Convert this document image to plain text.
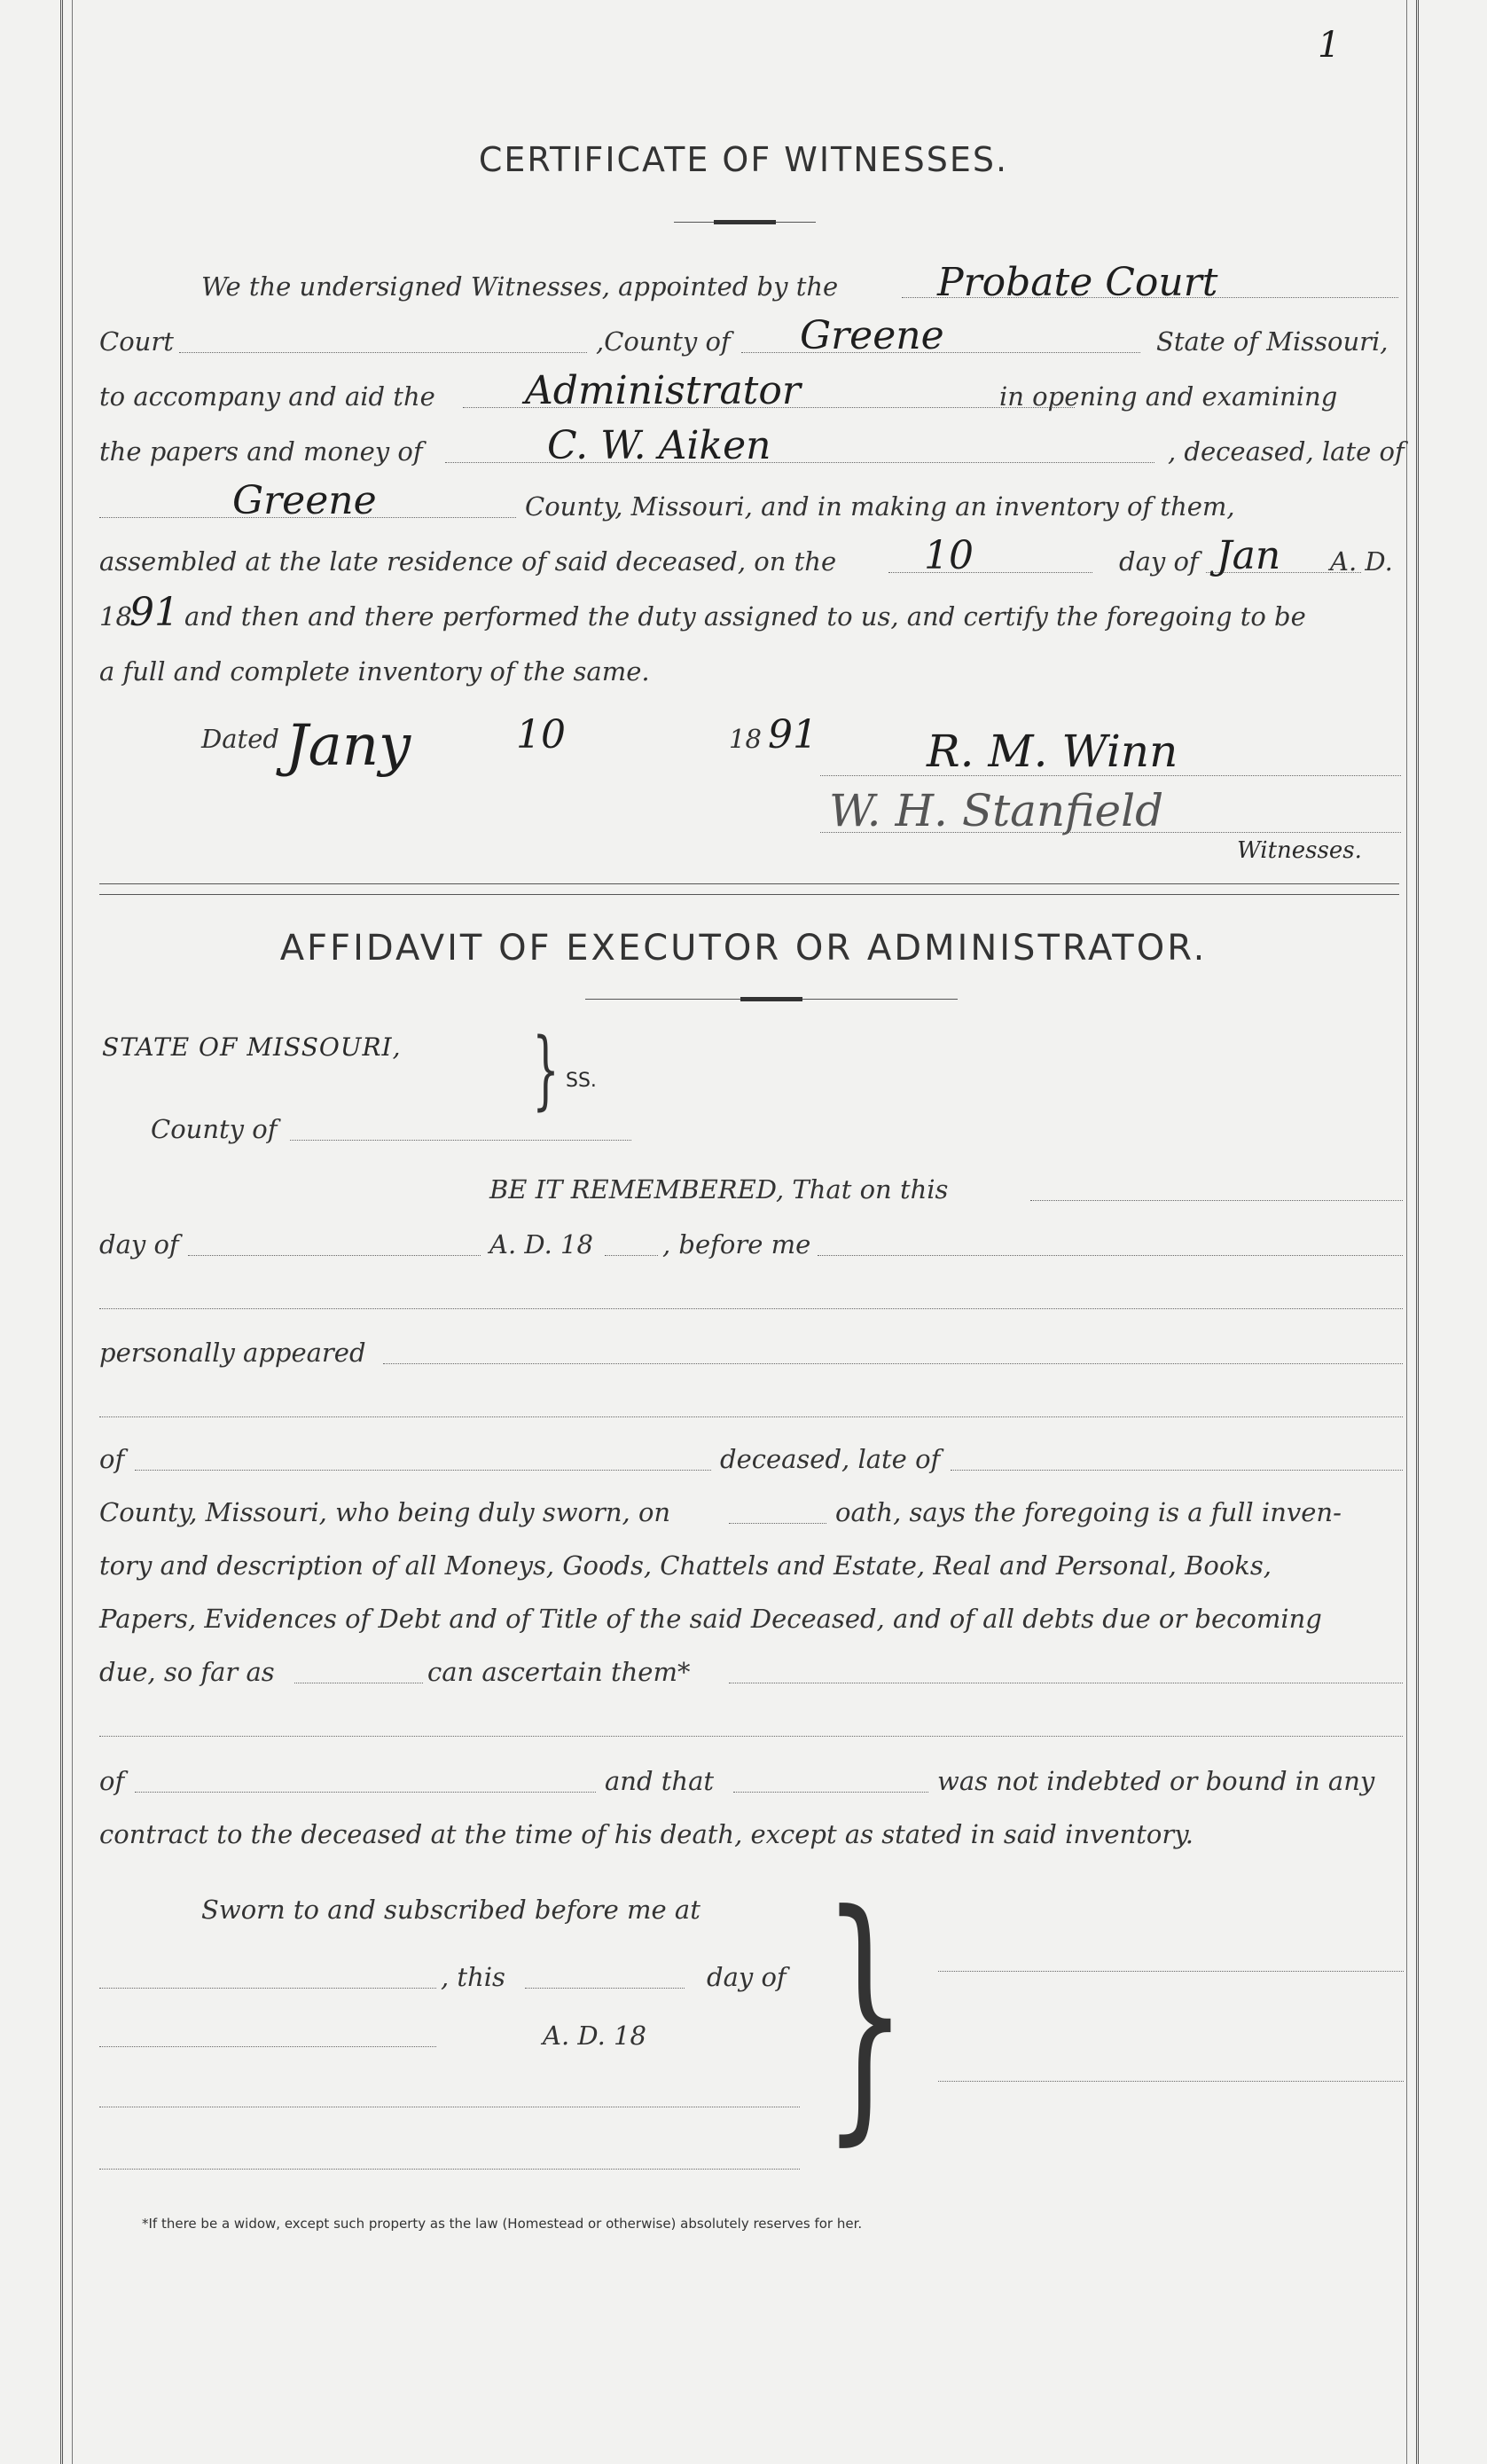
1
CERTIFICATE OF WITNESSES.
We the undersigned Witnesses, appointed by the	Probate Court
Court	,County of Greene	State of Missouri,
to accompany and aid the Administrator	in opening and examining
the papers and money of	C. W. Aiken	, deceased, late of
Greene	County, Missouri, and in making an inventory of them,
assembled at the late residence of said deceased, on the 10	day of Jan A. D.
18
91 and then and there performed the duty assigned to us, and certify the foregoing to be
a full and complete inventory of the same.
Dated Jany	10	18 91 R. M. Winn
W. H. Stanfield
Witnesses.
AFFIDAVIT OF EXECUTOR OR ADMINISTRATOR.
STATE OF MISSOURI, } SS.
County of
BE IT REMEMBERED, That on this
day of	A. D. 18	, before me
personally appeared
of	deceased, late of
County, Missouri, who being duly sworn, on	oath, says the foregoing is a full inven-
tory and description of all Moneys, Goods, Chattels and Estate, Real and Personal, Books,
Papers, Evidences of Debt and of Title of the said Deceased, and of all debts due or becoming
due, so far as	can ascertain them*
of	and that	was not indebted or bound in any
contract to the deceased at the time of his death, except as stated in said inventory.
Sworn to and subscribed before me at
, this	day of
A. D. 18 }
*If there be a widow, except such property as the law (Homestead or otherwise) absolutely reserves for her.
